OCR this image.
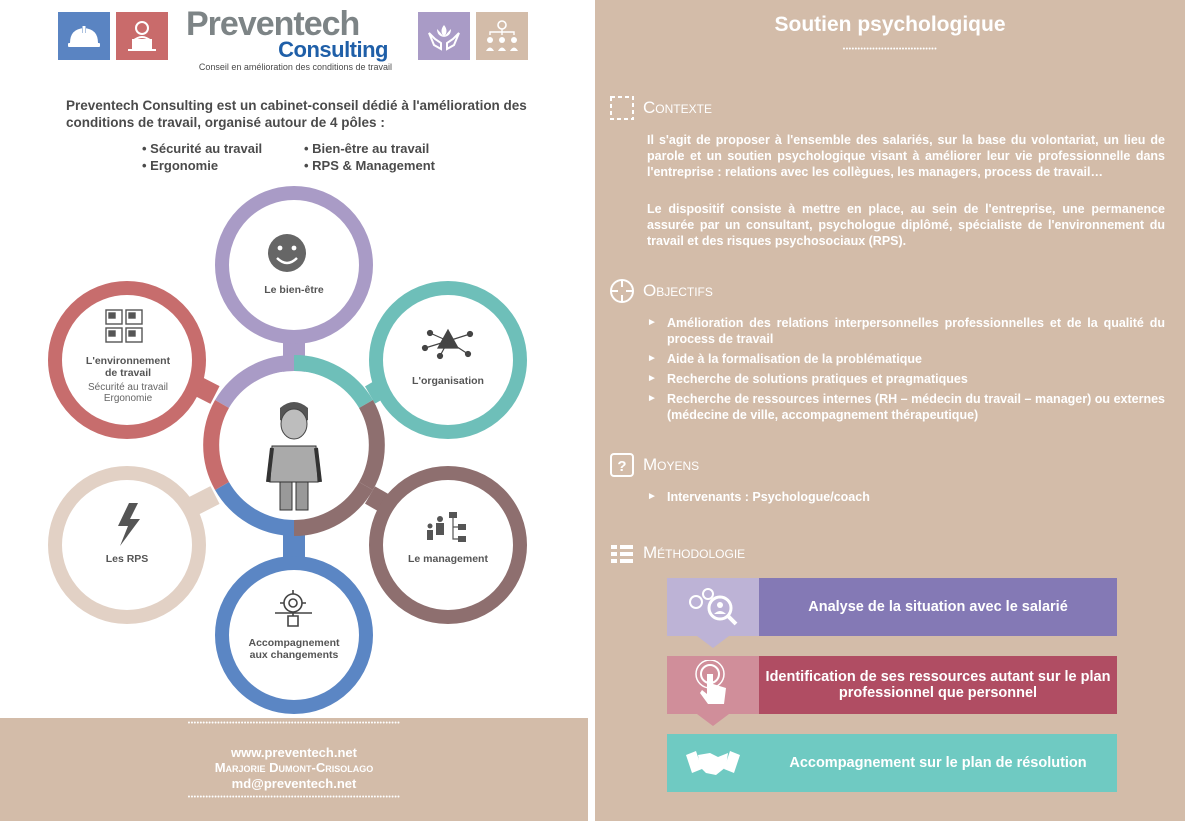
Preventech
Consulting
Conseil en amélioration des conditions de travail
Preventech Consulting est un cabinet-conseil dédié à l'amélioration des conditions de travail, organisé autour de 4 pôles :
• Sécurité au travail	• Bien-être au travail
• Ergonomie	• RPS & Management
Le bien-être
L'organisation
Le management
Accompagnement aux changements
Les RPS
L'environnement de travail
Sécurité au travail Ergonomie
••••••••••••••••••••••••••••••••••••••••••••••••••••••••••••••••••••••••
www.preventech.net
Marjorie Dumont-Crisolago
md@preventech.net
••••••••••••••••••••••••••••••••••••••••••••••••••••••••••••••••••••••••
Soutien psychologique
••••••••••••••••••••••••••••••••
Contexte
Il s'agit de proposer à l'ensemble des salariés, sur la base du volontariat, un lieu de parole et un soutien psychologique visant à améliorer leur vie professionnelle dans l'entreprise : relations avec les collègues, les managers, process de travail…
Le dispositif consiste à mettre en place, au sein de l'entreprise, une permanence assurée par un consultant, psychologue diplômé, spécialiste de l'environnement du travail et des risques psychosociaux (RPS).
Objectifs
► Amélioration des relations interpersonnelles professionnelles et de la qualité du process de travail
► Aide à la formalisation de la problématique
► Recherche de solutions pratiques et pragmatiques
► Recherche de ressources internes (RH – médecin du travail – manager) ou externes (médecine de ville, accompagnement thérapeutique)
? Moyens
► Intervenants : Psychologue/coach
Méthodologie
Analyse de la situation avec le salarié
Identification de ses ressources autant sur le plan professionnel que personnel
Accompagnement sur le plan de résolution
